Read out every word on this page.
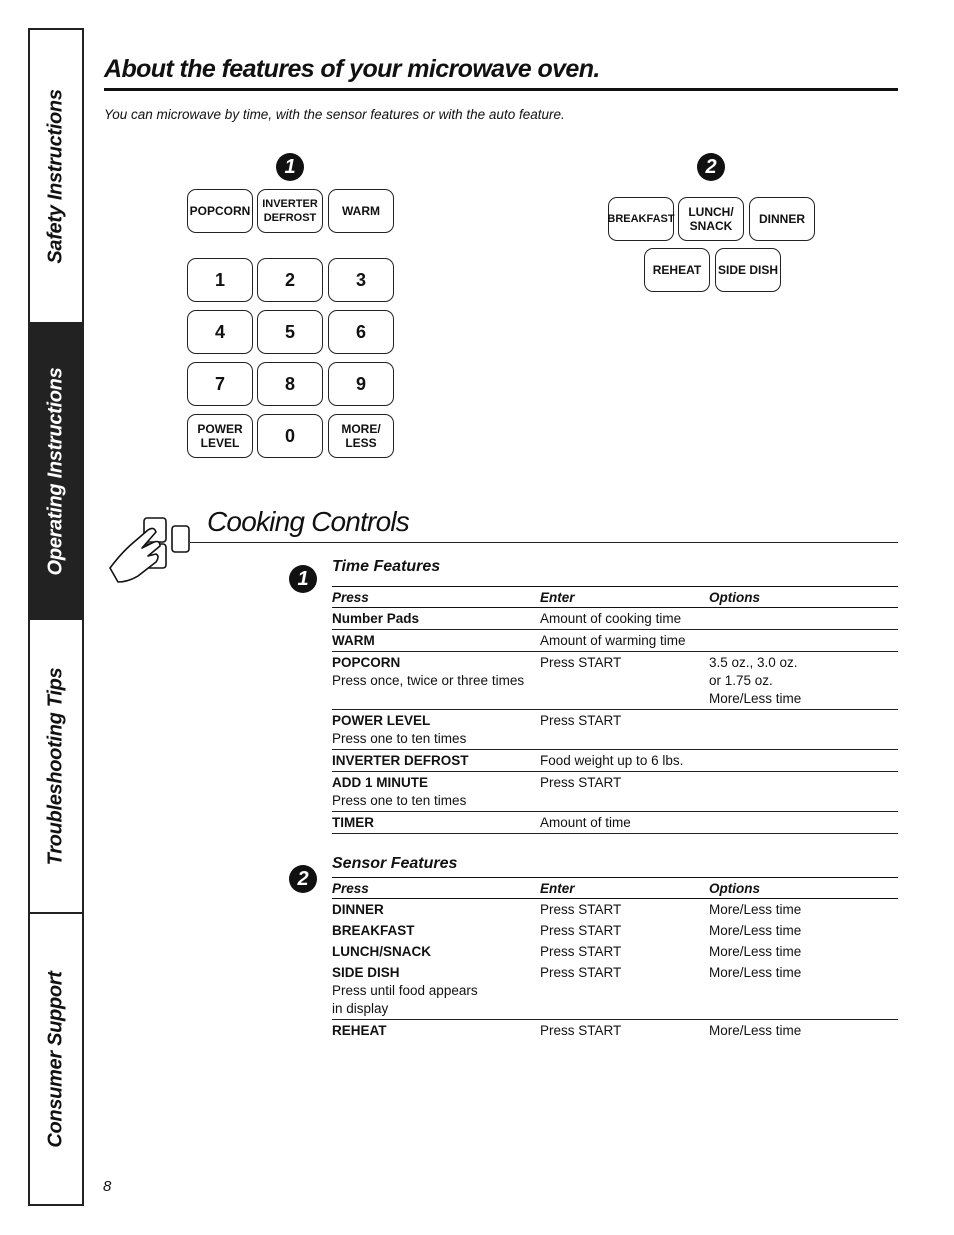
Safety Instructions
Operating Instructions
Troubleshooting Tips
Consumer Support
About the features of your microwave oven.
You can microwave by time, with the sensor features or with the auto feature.
1
POPCORN	INVERTER
DEFROST	WARM
1	2	3
4	5	6
7	8	9
POWER
LEVEL	0	MORE/
LESS
2
BREAKFAST	LUNCH/
SNACK	DINNER
REHEAT	SIDE DISH
Cooking Controls
1
Time Features
Press	Enter	Options

Number Pads	Amount of cooking time	

WARM	Amount of warming time	

POPCORN
Press once, twice or three times	Press START	3.5 oz., 3.0 oz.
or 1.75 oz.
More/Less time

POWER LEVEL
Press one to ten times	Press START	

INVERTER DEFROST	Food weight up to 6 lbs.	

ADD 1 MINUTE
Press one to ten times	Press START	

TIMER	Amount of time	
2
Sensor Features
Press	Enter	Options

DINNER	Press START	More/Less time

BREAKFAST	Press START	More/Less time

LUNCH/SNACK	Press START	More/Less time

SIDE DISH
Press until food appears
in display	Press START	More/Less time

REHEAT	Press START	More/Less time
8
